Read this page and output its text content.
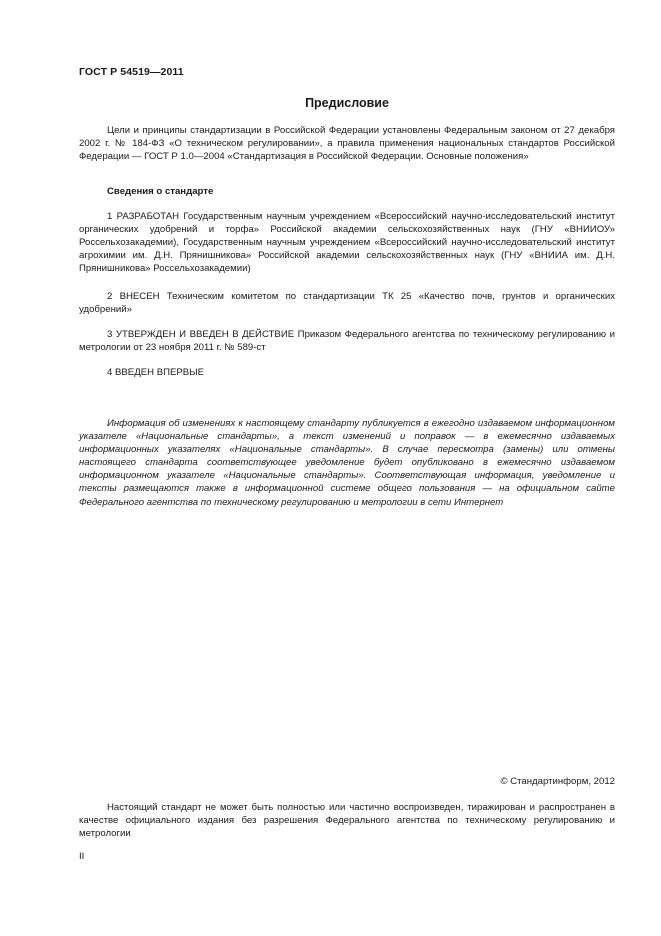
ГОСТ Р 54519—2011
Предисловие

Цели и принципы стандартизации в Российской Федерации установлены Федеральным законом от 27 декабря 2002 г. № 184-ФЗ «О техническом регулировании», а правила применения национальных стандартов Российской Федерации — ГОСТ Р 1.0—2004 «Стандартизация в Российской Федерации. Основные положения»

Сведения о стандарте

1 РАЗРАБОТАН Государственным научным учреждением «Всероссийский научно-исследовательский институт органических удобрений и торфа» Российской академии сельскохозяйственных наук (ГНУ «ВНИИОУ» Россельхозакадемии), Государственным научным учреждением «Всероссийский научно-исследовательский институт агрохимии им. Д.Н. Прянишникова» Российской академии сельскохозяйственных наук (ГНУ «ВНИИА им. Д.Н. Прянишникова» Россельхозакадемии)

2 ВНЕСЕН Техническим комитетом по стандартизации ТК 25 «Качество почв, грунтов и органических удобрений»

3 УТВЕРЖДЕН И ВВЕДЕН В ДЕЙСТВИЕ Приказом Федерального агентства по техническому регулированию и метрологии от 23 ноября 2011 г. № 589-ст

4 ВВЕДЕН ВПЕРВЫЕ

Информация об изменениях к настоящему стандарту публикуется в ежегодно издаваемом информационном указателе «Национальные стандарты», а текст изменений и поправок — в ежемесячно издаваемых информационных указателях «Национальные стандарты». В случае пересмотра (замены) или отмены настоящего стандарта соответствующее уведомление будет опубликовано в ежемесячно издаваемом информационном указателе «Национальные стандарты». Соответствующая информация, уведомление и тексты размещаются также в информационной системе общего пользования — на официальном сайте Федерального агентства по техническому регулированию и метрологии в сети Интернет

© Стандартинформ, 2012

Настоящий стандарт не может быть полностью или частично воспроизведен, тиражирован и распространен в качестве официального издания без разрешения Федерального агентства по техническому регулированию и метрологии

II
